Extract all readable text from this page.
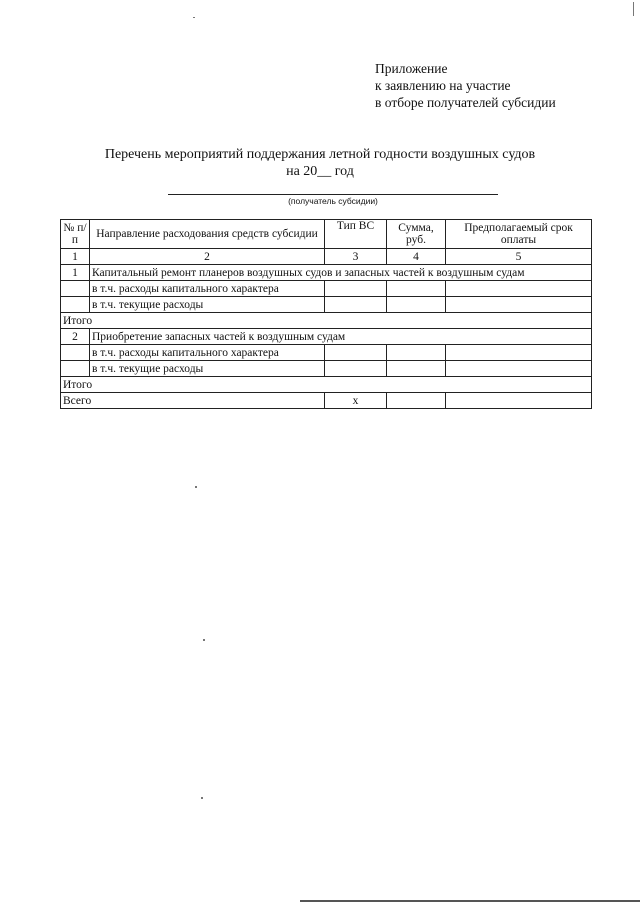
Приложение
к заявлению на участие
в отборе получателей субсидии
Перечень мероприятий поддержания летной годности воздушных судов
на 20__ год
(получатель субсидии)
№ п/п	Направление расходования средств субсидии	Тип ВС	Сумма, руб.	Предполагаемый срок оплаты
1	2	3	4	5
1	Капитальный ремонт планеров воздушных судов и запасных частей к воздушным судам			
	в т.ч. расходы капитального характера			
	в т.ч. текущие расходы			
Итого				
2	Приобретение запасных частей к воздушным судам			
	в т.ч. расходы капитального характера			
	в т.ч. текущие расходы			
Итого				
Всего		x		
